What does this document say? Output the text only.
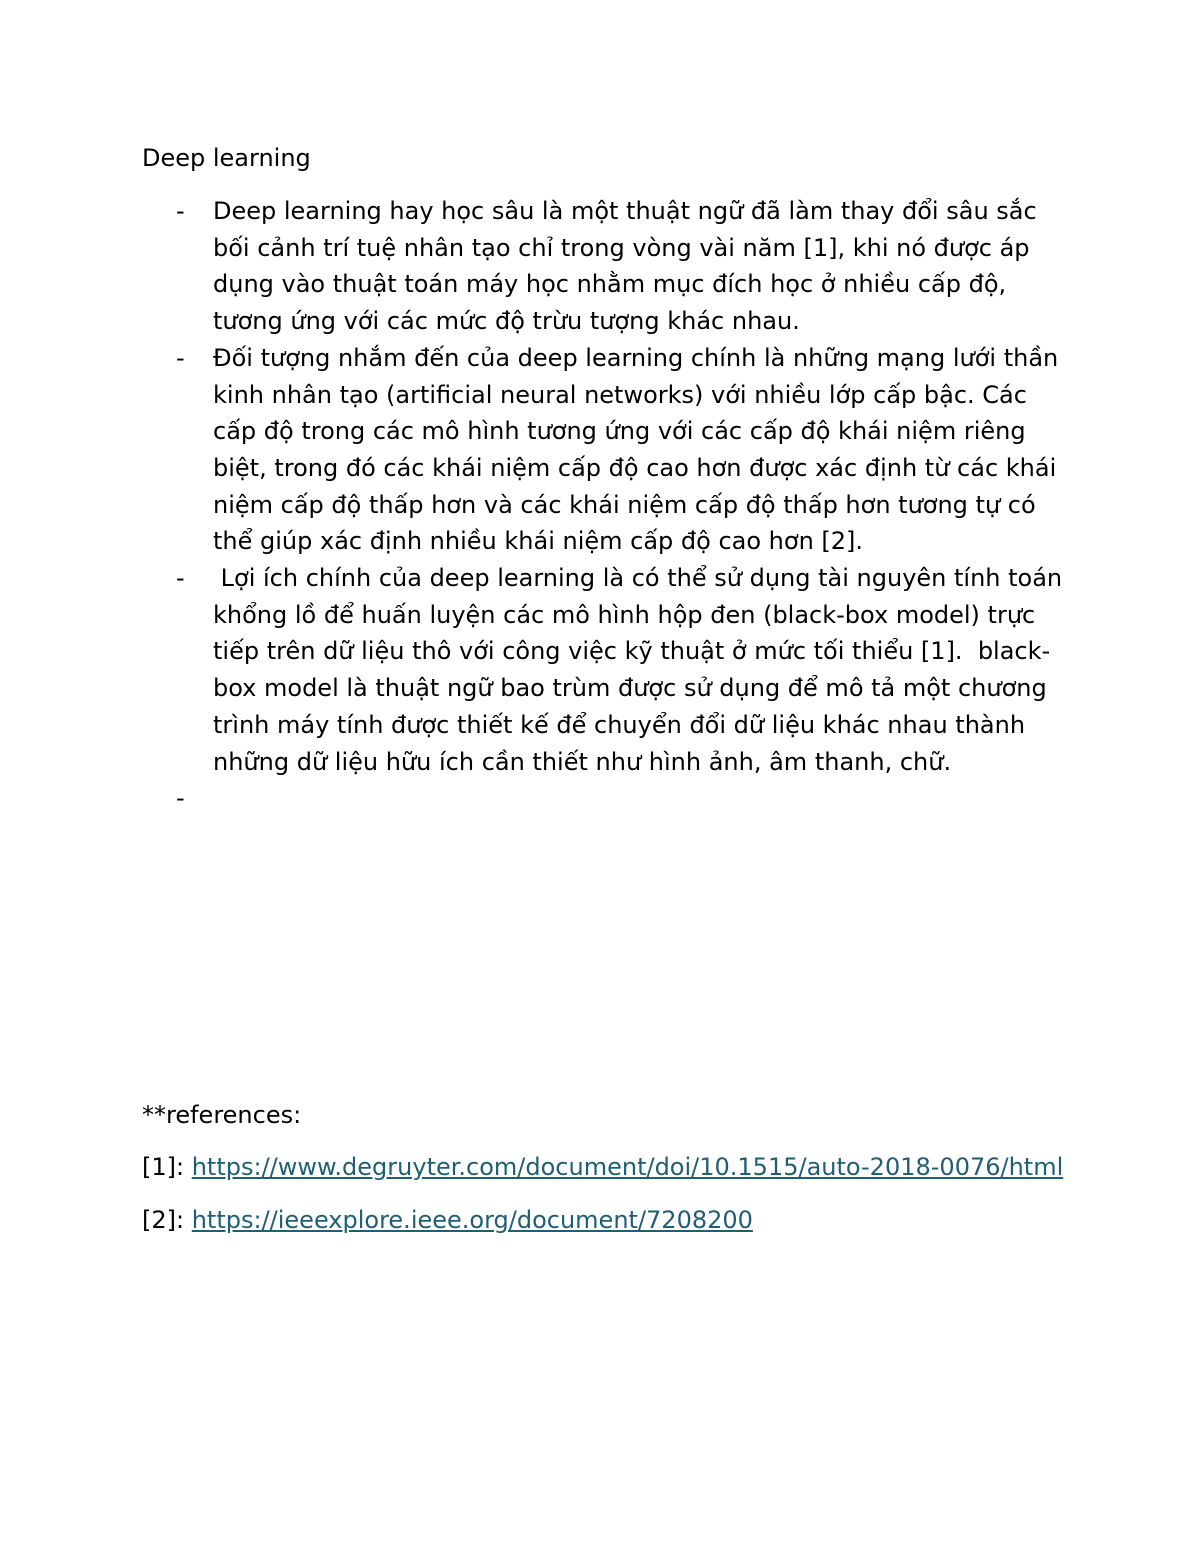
Deep learning
- Deep learning hay học sâu là một thuật ngữ đã làm thay đổi sâu sắc bối cảnh trí tuệ nhân tạo chỉ trong vòng vài năm [1], khi nó được áp dụng vào thuật toán máy học nhằm mục đích học ở nhiều cấp độ, tương ứng với các mức độ trừu tượng khác nhau.
- Đối tượng nhắm đến của deep learning chính là những mạng lưới thần kinh nhân tạo (artificial neural networks) với nhiều lớp cấp bậc. Các cấp độ trong các mô hình tương ứng với các cấp độ khái niệm riêng biệt, trong đó các khái niệm cấp độ cao hơn được xác định từ các khái niệm cấp độ thấp hơn và các khái niệm cấp độ thấp hơn tương tự có thể giúp xác định nhiều khái niệm cấp độ cao hơn [2].
- Lợi ích chính của deep learning là có thể sử dụng tài nguyên tính toán khổng lồ để huấn luyện các mô hình hộp đen (black-box model) trực tiếp trên dữ liệu thô với công việc kỹ thuật ở mức tối thiểu [1].  black-box model là thuật ngữ bao trùm được sử dụng để mô tả một chương trình máy tính được thiết kế để chuyển đổi dữ liệu khác nhau thành những dữ liệu hữu ích cần thiết như hình ảnh, âm thanh, chữ.
-

**references:

[1]: https://www.degruyter.com/document/doi/10.1515/auto-2018-0076/html

[2]: https://ieeexplore.ieee.org/document/7208200
